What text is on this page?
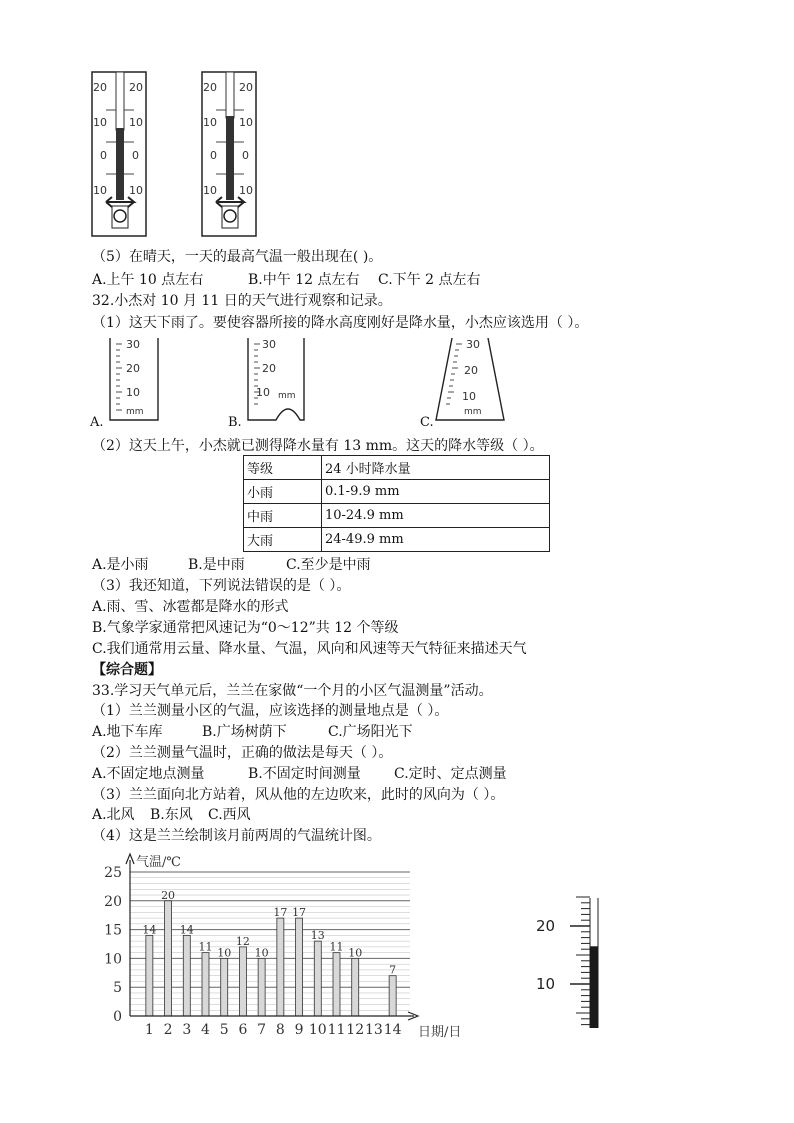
20 20
10 10
0 0
10 10
20 20
10 10
0 0
10 10
（5）在晴天，一天的最高气温一般出现在( )。
A.上午 10 点左右	B.中午 12 点左右 C.下午 2 点左右
32.小杰对 10 月 11 日的天气进行观察和记录。
（1）这天下雨了。要使容器所接的降水高度刚好是降水量，小杰应该选用（ ）。
A.	B.	C.
30
20
10
mm
30
20
10 mm
30
20
10
mm
（2）这天上午，小杰就已测得降水量有 13 mm。这天的降水等级（ ）。
等级	24 小时降水量
小雨	0.1-9.9 mm
中雨	10-24.9 mm
大雨	24-49.9 mm
A.是小雨	B.是中雨	C.至少是中雨
（3）我还知道，下列说法错误的是（ ）。
A.雨、雪、冰雹都是降水的形式
B.气象学家通常把风速记为“0～12”共 12 个等级
C.我们通常用云量、降水量、气温，风向和风速等天气特征来描述天气
【综合题】
33.学习天气单元后，兰兰在家做“一个月的小区气温测量”活动。
（1）兰兰测量小区的气温，应该选择的测量地点是（ ）。
A.地下车库	B.广场树荫下	C.广场阳光下
（2）兰兰测量气温时，正确的做法是每天（ ）。
A.不固定地点测量	B.不固定时间测量 C.定时、定点测量
（3）兰兰面向北方站着，风从他的左边吹来，此时的风向为（ ）。
A.北风 B.东风 C.西风
（4）这是兰兰绘制该月前两周的气温统计图。
14
20
14
11 10
12
10
17 17
13
11 10
7
0
5
10
15
20
25
1 2 3 4 5 6 7 8 9 10 11 12 13 14
气温/℃
日期/日
20
10
